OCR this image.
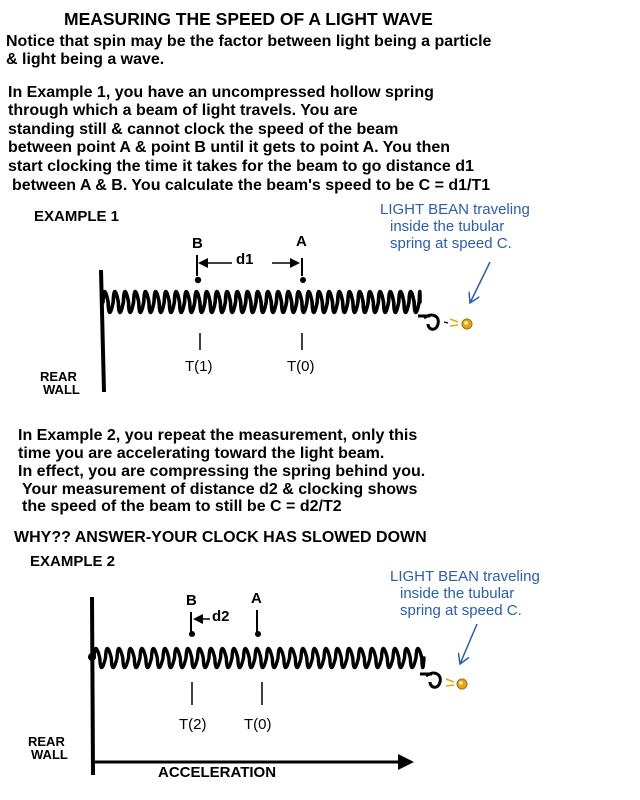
MEASURING THE SPEED OF A LIGHT WAVE
Notice that spin may be the factor between light being a particle
& light being a wave.
In Example 1, you have an uncompressed hollow spring
through which a beam of light travels. You are
standing still & cannot clock the speed of the beam
between point A & point B until it gets to point A. You then
start clocking the time it takes for the beam to go distance d1
between A & B. You calculate the beam's speed to be C = d1/T1
EXAMPLE 1	LIGHT BEAN traveling
inside the tubular
spring at speed C.
B	A
d1
T(1)	T(0)
REAR
WALL
In Example 2, you repeat the measurement, only this
time you are accelerating toward the light beam.
In effect, you are compressing the spring behind you.
Your measurement of distance d2 & clocking shows
the speed of the beam to still be C = d2/T2
WHY?? ANSWER-YOUR CLOCK HAS SLOWED DOWN
EXAMPLE 2
LIGHT BEAN traveling
inside the tubular
spring at speed C.
B	A
d2
T(2)	T(0)
REAR
WALL
ACCELERATION
